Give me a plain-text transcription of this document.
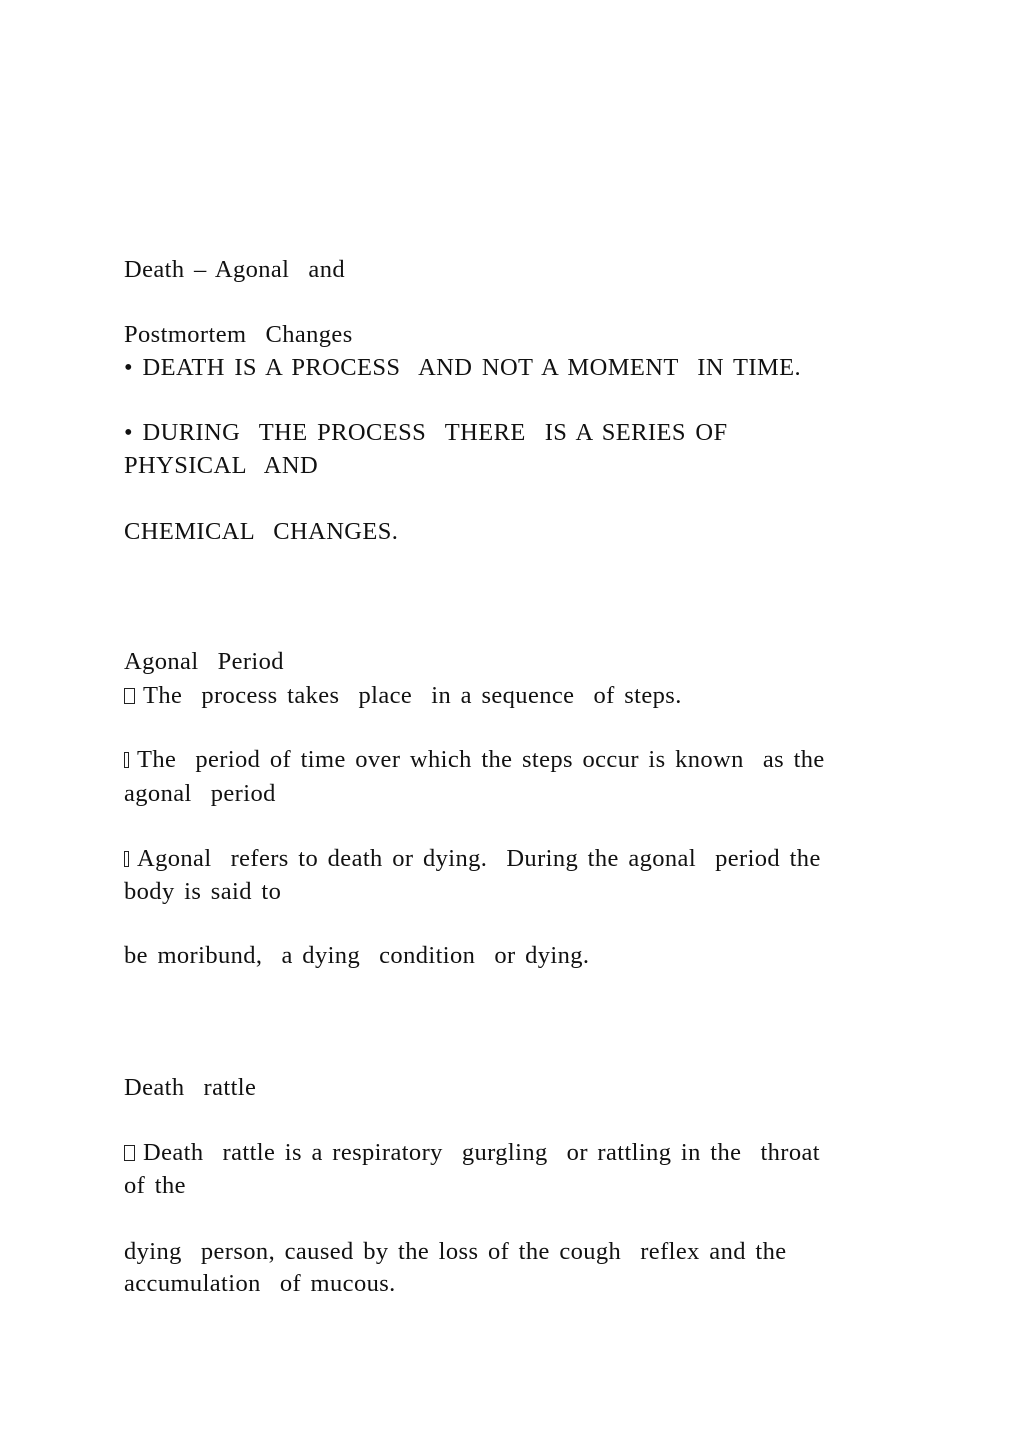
Death – Agonal  and
Postmortem  Changes
• DEATH IS A PROCESS  AND NOT A MOMENT  IN TIME.
• DURING  THE PROCESS  THERE  IS A SERIES OF
PHYSICAL  AND
CHEMICAL  CHANGES.
Agonal  Period
The  process takes  place  in a sequence  of steps.
The  period of time over which the steps occur is known  as the
agonal  period
Agonal  refers to death or dying.  During the agonal  period the
body is said to
be moribund,  a dying  condition  or dying.
Death  rattle
Death  rattle is a respiratory  gurgling  or rattling in the  throat
of the
dying  person, caused by the loss of the cough  reflex and the
accumulation  of mucous.
